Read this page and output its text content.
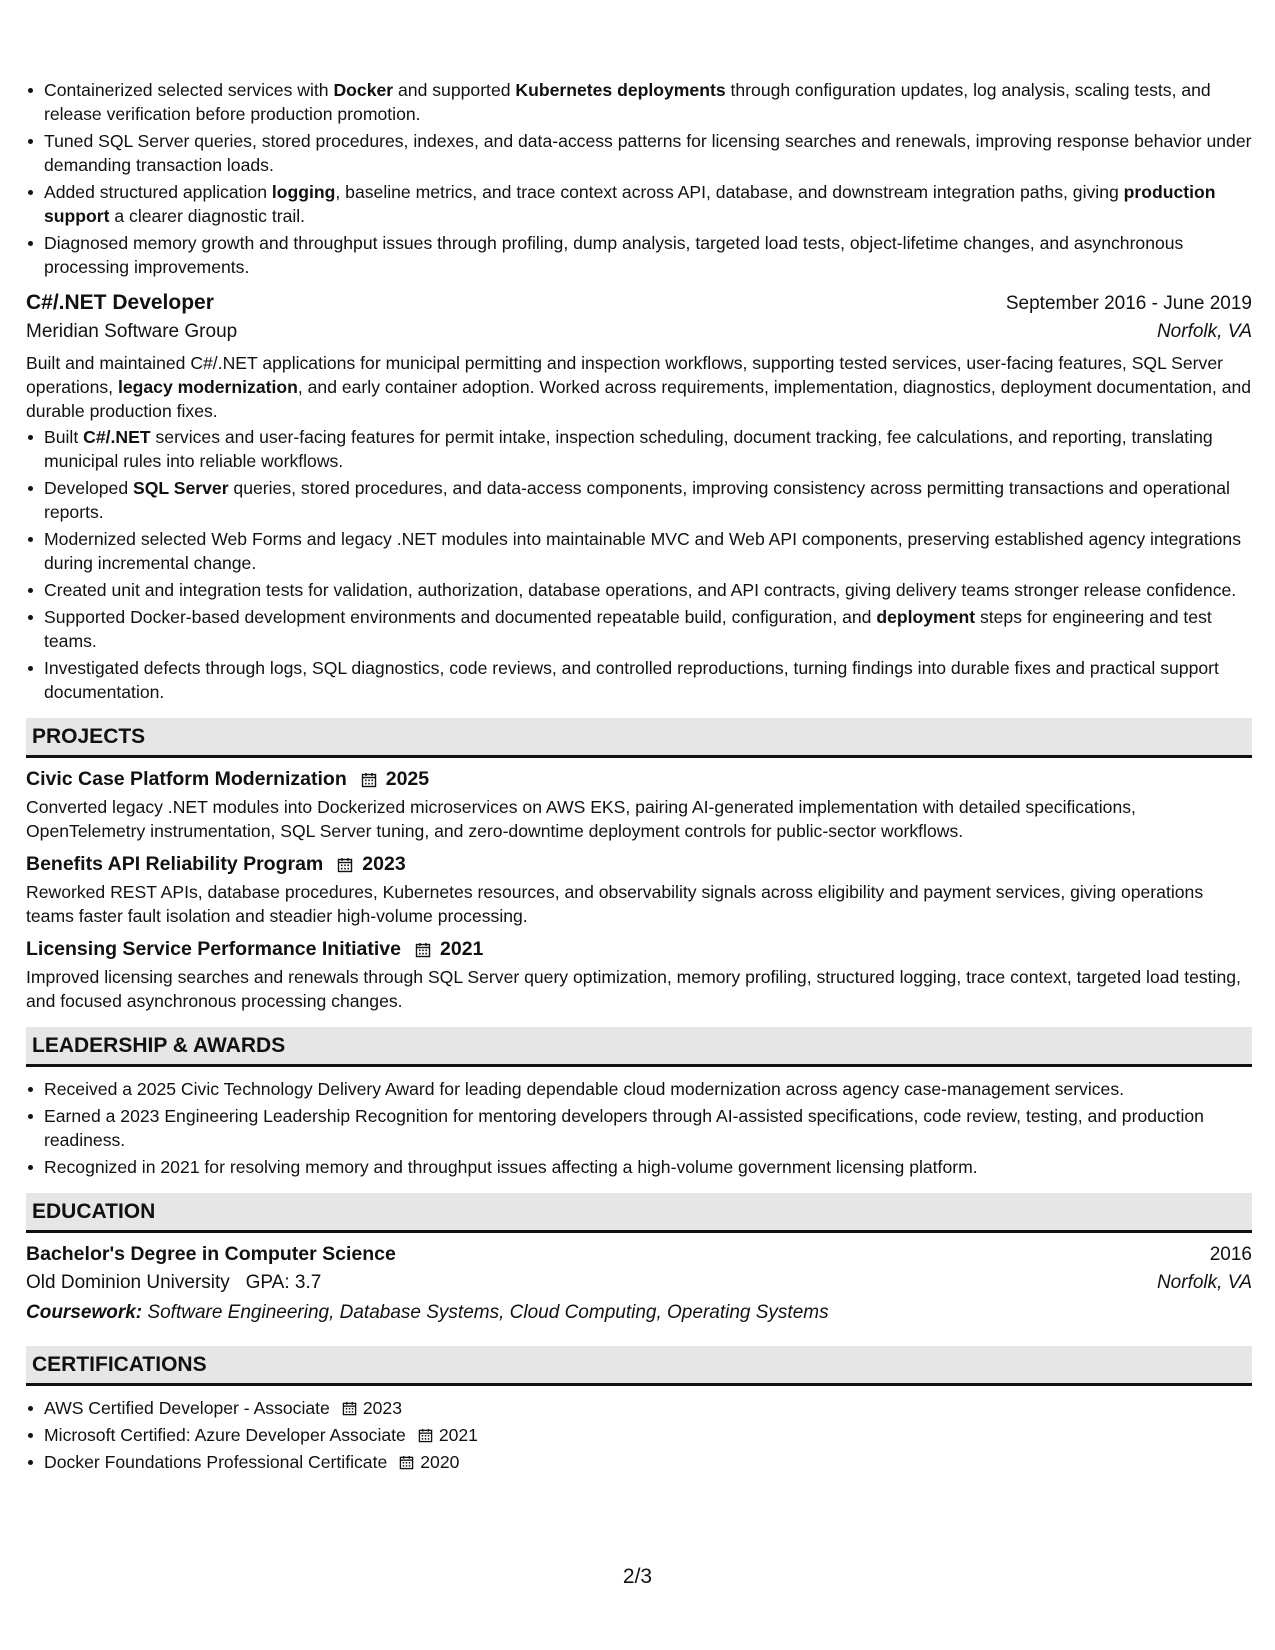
Containerized selected services with Docker and supported Kubernetes deployments through configuration updates, log analysis, scaling tests, and release verification before production promotion.
Tuned SQL Server queries, stored procedures, indexes, and data-access patterns for licensing searches and renewals, improving response behavior under demanding transaction loads.
Added structured application logging, baseline metrics, and trace context across API, database, and downstream integration paths, giving production support a clearer diagnostic trail.
Diagnosed memory growth and throughput issues through profiling, dump analysis, targeted load tests, object-lifetime changes, and asynchronous processing improvements.
C#/.NET Developer	September 2016 - June 2019
Meridian Software Group	Norfolk, VA
Built and maintained C#/.NET applications for municipal permitting and inspection workflows, supporting tested services, user-facing features, SQL Server operations, legacy modernization, and early container adoption. Worked across requirements, implementation, diagnostics, deployment documentation, and durable production fixes.
Built C#/.NET services and user-facing features for permit intake, inspection scheduling, document tracking, fee calculations, and reporting, translating municipal rules into reliable workflows.
Developed SQL Server queries, stored procedures, and data-access components, improving consistency across permitting transactions and operational reports.
Modernized selected Web Forms and legacy .NET modules into maintainable MVC and Web API components, preserving established agency integrations during incremental change.
Created unit and integration tests for validation, authorization, database operations, and API contracts, giving delivery teams stronger release confidence.
Supported Docker-based development environments and documented repeatable build, configuration, and deployment steps for engineering and test teams.
Investigated defects through logs, SQL diagnostics, code reviews, and controlled reproductions, turning findings into durable fixes and practical support documentation.
PROJECTS
Civic Case Platform Modernization 2025
Converted legacy .NET modules into Dockerized microservices on AWS EKS, pairing AI-generated implementation with detailed specifications, OpenTelemetry instrumentation, SQL Server tuning, and zero-downtime deployment controls for public-sector workflows.
Benefits API Reliability Program 2023
Reworked REST APIs, database procedures, Kubernetes resources, and observability signals across eligibility and payment services, giving operations teams faster fault isolation and steadier high-volume processing.
Licensing Service Performance Initiative 2021
Improved licensing searches and renewals through SQL Server query optimization, memory profiling, structured logging, trace context, targeted load testing, and focused asynchronous processing changes.
LEADERSHIP & AWARDS
Received a 2025 Civic Technology Delivery Award for leading dependable cloud modernization across agency case-management services.
Earned a 2023 Engineering Leadership Recognition for mentoring developers through AI-assisted specifications, code review, testing, and production readiness.
Recognized in 2021 for resolving memory and throughput issues affecting a high-volume government licensing platform.
EDUCATION
Bachelor's Degree in Computer Science	2016
Old Dominion University GPA: 3.7	Norfolk, VA
Coursework: Software Engineering, Database Systems, Cloud Computing, Operating Systems
CERTIFICATIONS
AWS Certified Developer - Associate 2023
Microsoft Certified: Azure Developer Associate 2021
Docker Foundations Professional Certificate 2020
2/3
